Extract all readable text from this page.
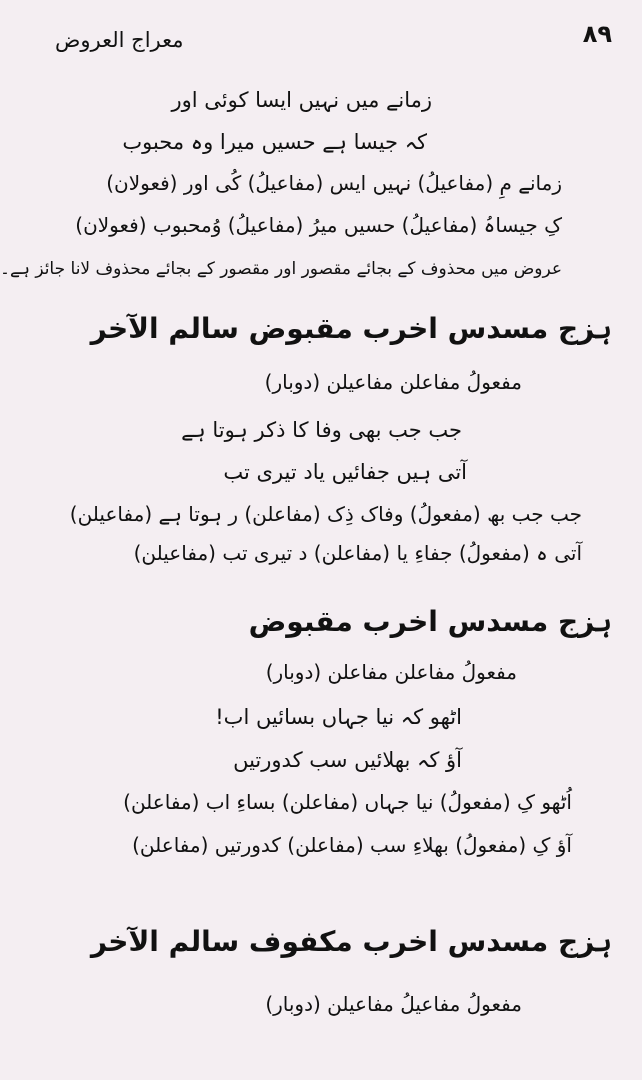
۸۹
معراج العروض
زمانے میں نہیں ایسا کوئی اور
کہ جیسا ہے حسیں میرا وہ محبوب
زمانے مِ (مفاعیلُ) نہیں ایس (مفاعیلُ) کُی اور (فعولان)
کِ جیساہُ (مفاعیلُ) حسیں میرُ (مفاعیلُ) وُمحبوب (فعولان)
عروض میں محذوف کے بجائے مقصور اور مقصور کے بجائے محذوف لانا جائز ہے۔
ہزج مسدس اخرب مقبوض سالم الآخر
مفعولُ مفاعلن مفاعیلن (دوبار)
جب جب بھی وفا کا ذکر ہوتا ہے
آتی ہیں جفائیں یاد تیری تب
جب جب بھ (مفعولُ) وفاک ذِک (مفاعلن) ر ہوتا ہے (مفاعیلن)
آتی ہ (مفعولُ) جفاءِ یا (مفاعلن) د تیری تب (مفاعیلن)
ہزج مسدس اخرب مقبوض
مفعولُ مفاعلن مفاعلن (دوبار)
اٹھو کہ نیا جہاں بسائیں اب!
آؤ کہ بھلائیں سب کدورتیں
اُٹھو کِ (مفعولُ) نیا جہاں (مفاعلن) بساءِ اب (مفاعلن)
آؤ کِ (مفعولُ) بھلاءِ سب (مفاعلن) کدورتیں (مفاعلن)
ہزج مسدس اخرب مکفوف سالم الآخر
مفعولُ مفاعیلُ مفاعیلن (دوبار)
